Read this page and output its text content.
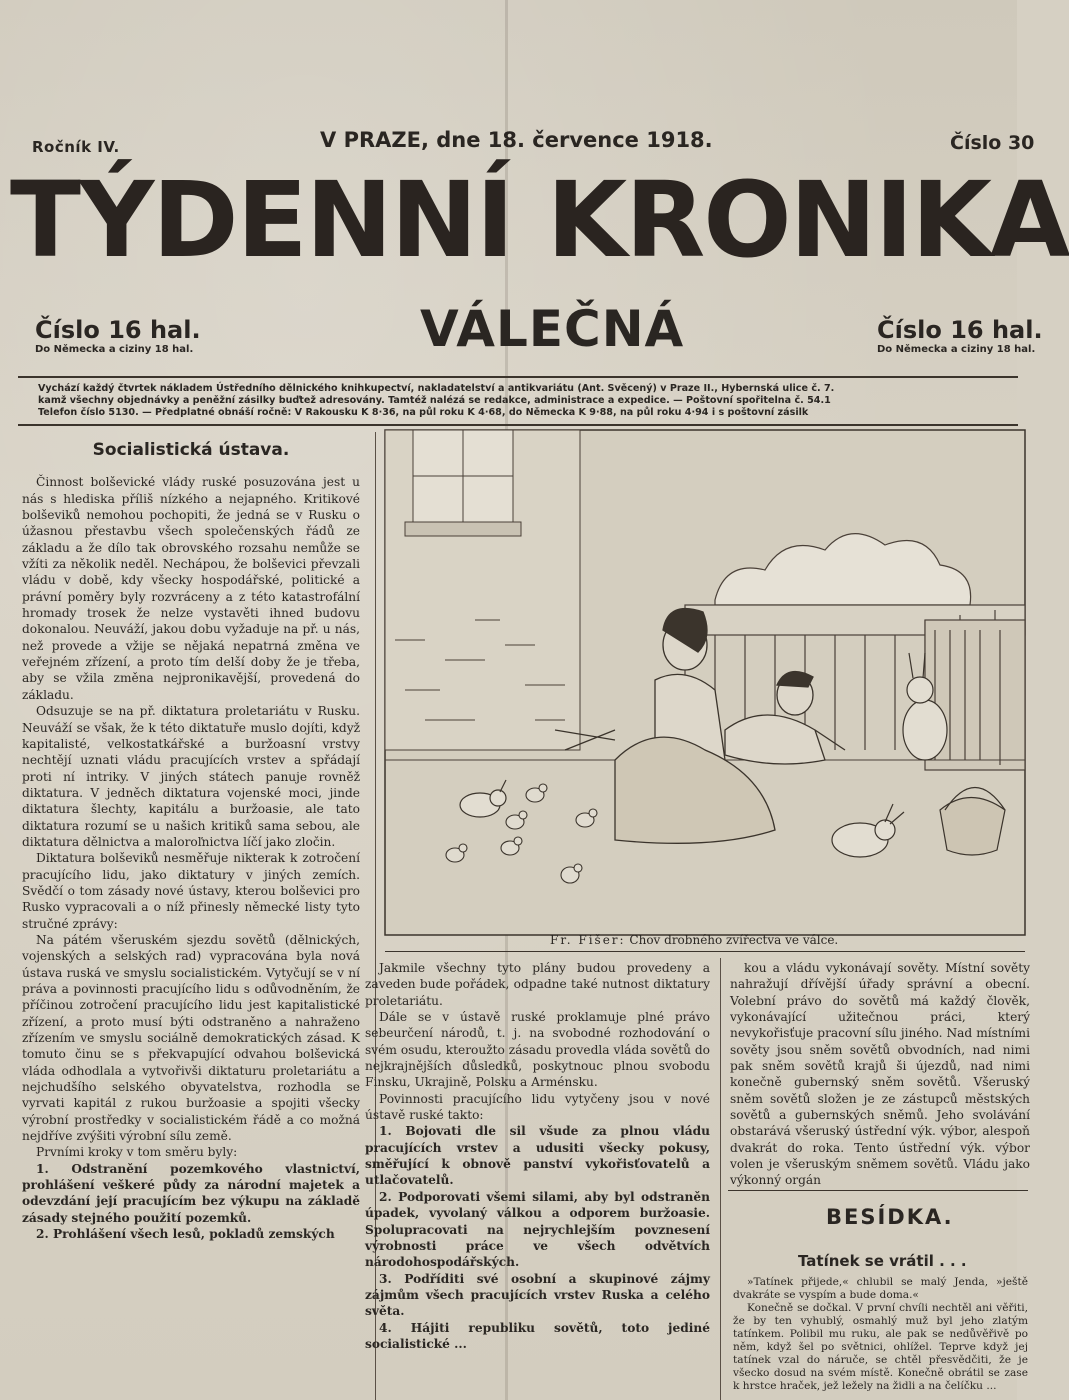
Ročník IV.	V PRAZE, dne 18. července 1918.	Číslo 30
TÝDENNÍ KRONIKA
VÁLEČNÁ
Číslo 16 hal.
Do Německa a ciziny 18 hal.
Číslo 16 hal.
Do Německa a ciziny 18 hal.
Vychází každý čtvrtek nákladem Ústředního dělnického knihkupectví, nakladatelství a antikvariátu (Ant. Svěcený) v Praze II., Hybernská ulice č. 7.
kamž všechny objednávky a peněžní zásilky buďtež adresovány. Tamtéž nalézá se redakce, administrace a expedice. — Poštovní spořitelna č. 54.1
Telefon číslo 5130. — Předplatné obnáší ročně: V Rakousku K 8·36, na půl roku K 4·68, do Německa K 9·88, na půl roku 4·94 i s poštovní zásilk
Socialistická ústava.

Činnost bolševické vlády ruské posuzována jest u nás s hlediska příliš nízkého a nejapného. Kritikové bolševiků nemohou pochopiti, že jedná se v Rusku o úžasnou přestavbu všech společenských řádů ze základu a že dílo tak obrovského rozsahu nemůže se vžíti za několik neděl. Nechápou, že bolševici převzali vládu v době, kdy všecky hospodářské, politické a právní poměry byly rozvráceny a z této katastrofální hromady trosek že nelze vystavěti ihned budovu dokonalou. Neuváží, jakou dobu vyžaduje na př. u nás, než provede a vžije se nějaká nepatrná změna ve veřejném zřízení, a proto tím delší doby že je třeba, aby se vžila změna nejpronikavější, provedená do základu.

Odsuzuje se na př. diktatura proletariátu v Rusku. Neuváží se však, že k této diktatuře muslo dojíti, když kapitalisté, velkostatkářské a buržoasní vrstvy nechtějí uznati vládu pracujících vrstev a spřádají proti ní intriky. V jiných státech panuje rovněž diktatura. V jedněch diktatura vojenské moci, jinde diktatura šlechty, kapitálu a buržoasie, ale tato diktatura rozumí se u našich kritiků sama sebou, ale diktatura dělnictva a maloroľnictva líčí jako zločin.

Diktatura bolševiků nesměřuje nikterak k zotročení pracujícího lidu, jako diktatury v jiných zemích. Svědčí o tom zásady nové ústavy, kterou bolševici pro Rusko vypracovali a o níž přinesly německé listy tyto stručné zprávy:

Na pátém všeruském sjezdu sovětů (dělnických, vojenských a selských rad) vypracována byla nová ústava ruská ve smyslu socialistickém. Vytyčují se v ní práva a povinnosti pracujícího lidu s odůvodněním, že příčinou zotročení pracujícího lidu jest kapitalistické zřízení, a proto musí býti odstraněno a nahraženo zřízením ve smyslu sociálně demokratických zásad. K tomuto činu se s překvapující odvahou bolševická vláda odhodlala a vytvořivši diktaturu proletariátu a nejchudšího selského obyvatelstva, rozhodla se vyrvati kapitál z rukou buržoasie a spojiti všecky výrobní prostředky v socialistickém řádě a co možná nejdříve zvýšiti výrobní sílu země.

Prvními kroky v tom směru byly:

1. Odstranění pozemkového vlastnictví, prohlášení veškeré půdy za národní majetek a odevzdání její pracujícím bez výkupu na základě zásady stejného použití pozemků.

2. Prohlášení všech lesů, pokladů zemských

Fr. Fišer: Chov drobného zvířectva ve válce.

Jakmile všechny tyto plány budou provedeny a zaveden bude pořádek, odpadne také nutnost diktatury proletariátu.

Dále se v ústavě ruské proklamuje plné právo sebeurčení národů, t. j. na svobodné rozhodování o svém osudu, kteroužto zásadu provedla vláda sovětů do nejkrajnějších důsledků, poskytnouc plnou svobodu Finsku, Ukrajině, Polsku a Arménsku.

Povinnosti pracujícího lidu vytyčeny jsou v nové ústavě ruské takto:

1. Bojovati dle sil všude za plnou vládu pracujících vrstev a udusiti všecky pokusy, směřující k obnově panství vykořisťovatelů a utlačovatelů.

2. Podporovati všemi silami, aby byl odstraněn úpadek, vyvolaný válkou a odporem buržoasie. Spolupracovati na nejrychlejším povznesení výrobnosti práce ve všech odvětvích národohospodářských.

3. Podříditi své osobní a skupinové zájmy zájmům všech pracujících vrstev Ruska a celého světa.

4. Hájiti republiku sovětů, toto jediné socialistické ...

kou a vládu vykonávají sověty. Místní sověty nahražují dřívější úřady správní a obecní. Volební právo do sovětů má každý člověk, vykonávající užitečnou práci, který nevykořisťuje pracovní sílu jiného. Nad místními sověty jsou sněm sovětů obvodních, nad nimi pak sněm sovětů krajů ši újezdů, nad nimi konečně gubernský sněm sovětů. Všeruský sněm sovětů složen je ze zástupců městských sovětů a gubernských sněmů. Jeho svolávání obstarává všeruský ústřední výk. výbor, alespoň dvakrát do roka. Tento ústřední výk. výbor volen je všeruským sněmem sovětů. Vládu jako výkonný orgán

BESÍDKA.
Tatínek se vrátil . . .

»Tatínek přijede,« chlubil se malý Jenda, »ještě dvakráte se vyspím a bude doma.«

Konečně se dočkal. V první chvíli nechtěl ani věřiti, že by ten vyhublý, osmahlý muž byl jeho zlatým tatínkem. Polibil mu ruku, ale pak se nedůvěřivě po něm, když šel po světnici, ohlížel. Teprve když jej tatínek vzal do náruče, se chtěl přesvědčiti, že je všecko dosud na svém místě. Konečně obrátil se zase k hrstce hraček, jež ležely na židli a na čelíčku ...
